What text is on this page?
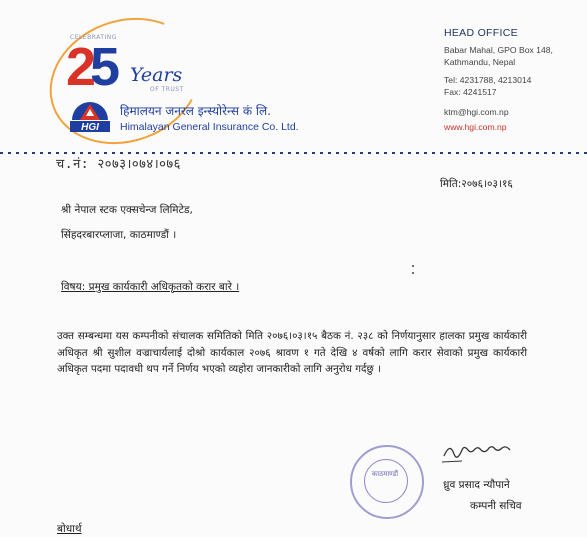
CELEBRATING
25 Years
OF TRUST
HGI
हिमालयन जनरल इन्स्योरेन्स कं लि.
Himalayan General Insurance Co. Ltd.
HEAD OFFICE
Babar Mahal, GPO Box 148,
Kathmandu, Nepal
Tel: 4231788, 4213014
Fax: 4241517
ktm@hgi.com.np
www.hgi.com.np
च.नं: २०७३।०७४।०७६
मिति:२०७६।०३।१६
श्री नेपाल स्टक एक्सचेन्ज लिमिटेड,
सिंहदरबारप्लाजा, काठमाण्डौं ।
विषय: प्रमुख कार्यकारी अधिकृतको करार बारे ।
उक्त सम्बन्धमा यस कम्पनीको संचालक समितिको मिति २०७६।०३।१५ बैठक नं. २३८ को निर्णयानुसार हालका प्रमुख कार्यकारी अधिकृत श्री सुशील वज्राचार्यलाई दोश्रो कार्यकाल २०७६ श्रावण १ गते देखि ४ वर्षको लागि करार सेवाको प्रमुख कार्यकारी अधिकृत पदमा पदावधी थप गर्ने निर्णय भएको व्यहोरा जानकारीको लागि अनुरोध गर्दछु ।
काठमाण्डौं
ध्रुव प्रसाद न्यौपाने
कम्पनी सचिव
बोधार्थ
